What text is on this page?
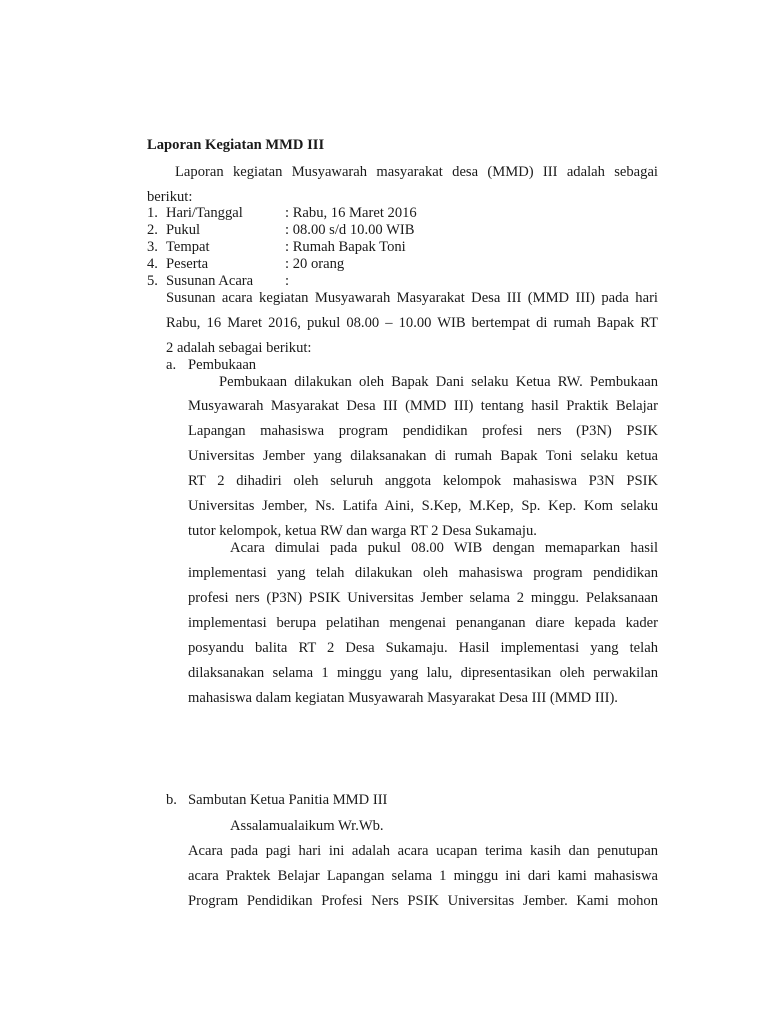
Laporan Kegiatan MMD III
Laporan kegiatan Musyawarah masyarakat desa (MMD) III adalah sebagai
berikut:
1. Hari/Tanggal	: Rabu, 16 Maret 2016
2. Pukul	: 08.00 s/d 10.00 WIB
3. Tempat	: Rumah Bapak Toni
4. Peserta	: 20 orang
5. Susunan Acara :
Susunan acara kegiatan Musyawarah Masyarakat Desa III (MMD III) pada hari
Rabu, 16 Maret 2016, pukul 08.00 – 10.00 WIB bertempat di rumah Bapak RT
2 adalah sebagai berikut:
a. Pembukaan
Pembukaan dilakukan oleh Bapak Dani selaku Ketua RW. Pembukaan
Musyawarah Masyarakat Desa III (MMD III) tentang hasil Praktik Belajar
Lapangan mahasiswa program pendidikan profesi ners (P3N) PSIK
Universitas Jember yang dilaksanakan di rumah Bapak Toni selaku ketua
RT 2 dihadiri oleh seluruh anggota kelompok mahasiswa P3N PSIK
Universitas Jember, Ns. Latifa Aini, S.Kep, M.Kep, Sp. Kep. Kom selaku
tutor kelompok, ketua RW dan warga RT 2 Desa Sukamaju.
Acara dimulai pada pukul 08.00 WIB dengan memaparkan hasil
implementasi yang telah dilakukan oleh mahasiswa program pendidikan
profesi ners (P3N) PSIK Universitas Jember selama 2 minggu. Pelaksanaan
implementasi berupa pelatihan mengenai penanganan diare kepada kader
posyandu balita RT 2 Desa Sukamaju. Hasil implementasi yang telah
dilaksanakan selama 1 minggu yang lalu, dipresentasikan oleh perwakilan
mahasiswa dalam kegiatan Musyawarah Masyarakat Desa III (MMD III).
b. Sambutan Ketua Panitia MMD III
Assalamualaikum Wr.Wb.
Acara pada pagi hari ini adalah acara ucapan terima kasih dan penutupan
acara Praktek Belajar Lapangan selama 1 minggu ini dari kami mahasiswa
Program Pendidikan Profesi Ners PSIK Universitas Jember. Kami mohon
